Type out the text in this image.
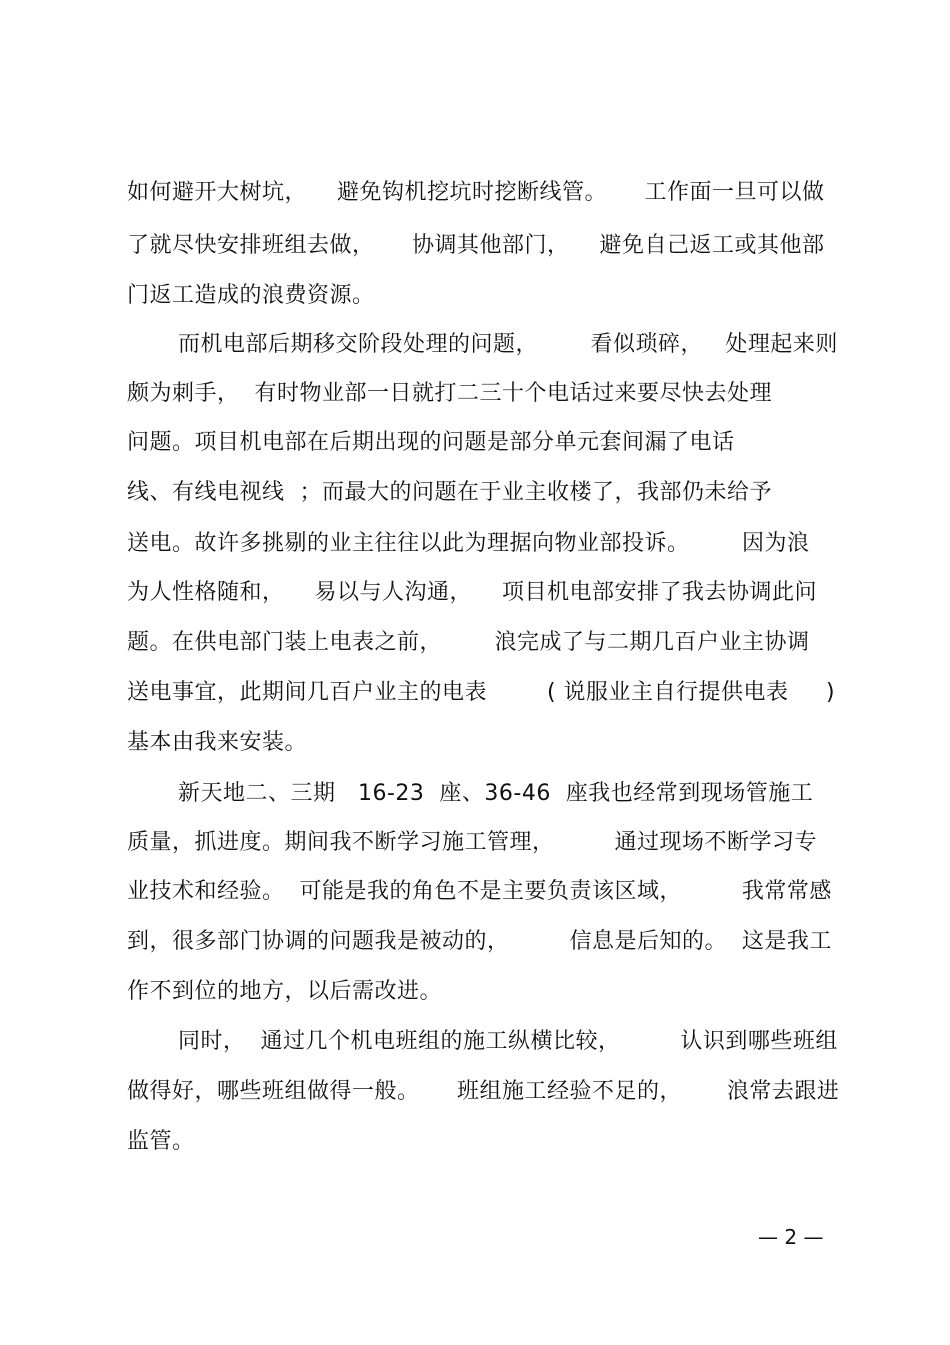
如何避开大树坑，    避免钩机挖坑时挖断线管。     工作面一旦可以做
了就尽快安排班组去做，     协调其他部门，    避免自己返工或其他部
门返工造成的浪费资源。
而机电部后期移交阶段处理的问题，       看似琐碎，   处理起来则
颇为刺手，  有时物业部一日就打二三十个电话过来要尽快去处理
问题。项目机电部在后期出现的问题是部分单元套间漏了电话
线、有线电视线  ；而最大的问题在于业主收楼了，我部仍未给予
送电。故许多挑剔的业主往往以此为理据向物业部投诉。       因为浪
为人性格随和，    易以与人沟通，    项目机电部安排了我去协调此问
题。在供电部门装上电表之前，       浪完成了与二期几百户业主协调
送电事宜，此期间几百户业主的电表        ( 说服业主自行提供电表     )
基本由我来安装。
新天地二、三期   16-23  座、36-46  座我也经常到现场管施工
质量，抓进度。期间我不断学习施工管理，        通过现场不断学习专
业技术和经验。  可能是我的角色不是主要负责该区域，        我常常感
到，很多部门协调的问题我是被动的，        信息是后知的。  这是我工
作不到位的地方，以后需改进。
同时，  通过几个机电班组的施工纵横比较，        认识到哪些班组
做得好，哪些班组做得一般。     班组施工经验不足的，      浪常去跟进
监管。
— 2 —
